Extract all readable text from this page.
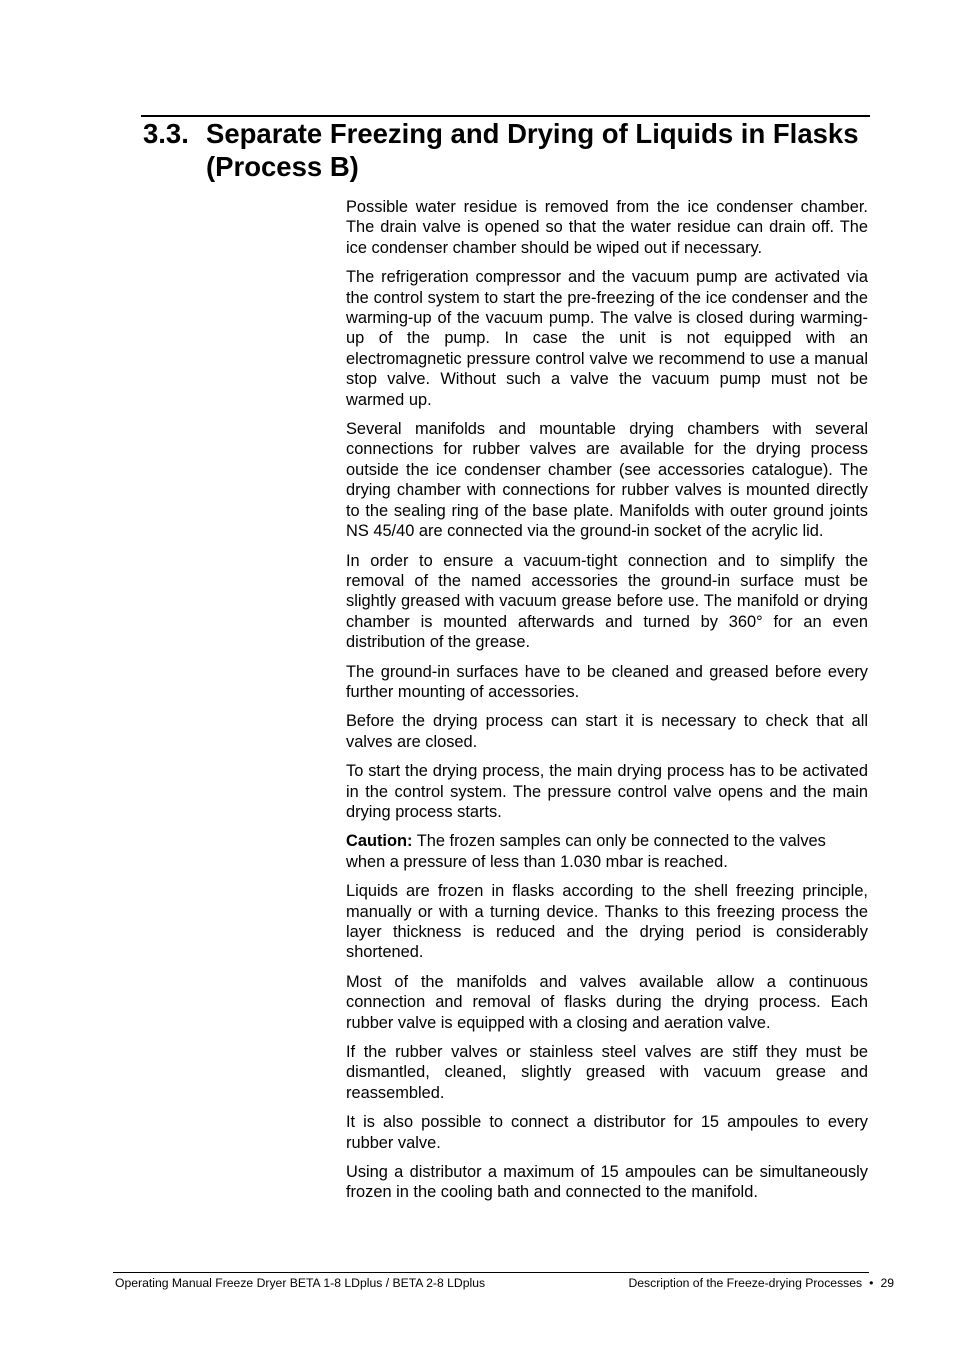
3.3. Separate Freezing and Drying of Liquids in Flasks (Process B)

Possible water residue is removed from the ice condenser chamber. The drain valve is opened so that the water residue can drain off. The ice condenser chamber should be wiped out if necessary.

The refrigeration compressor and the vacuum pump are activated via the control system to start the pre-freezing of the ice condenser and the warming-up of the vacuum pump. The valve is closed during warming-up of the pump. In case the unit is not equipped with an electromagnetic pressure control valve we recommend to use a manual stop valve. Without such a valve the vacuum pump must not be warmed up.

Several manifolds and mountable drying chambers with several connections for rubber valves are available for the drying process outside the ice condenser chamber (see accessories catalogue). The drying chamber with connections for rubber valves is mounted directly to the sealing ring of the base plate. Manifolds with outer ground joints NS 45/40 are connected via the ground-in socket of the acrylic lid.

In order to ensure a vacuum-tight connection and to simplify the removal of the named accessories the ground-in surface must be slightly greased with vacuum grease before use. The manifold or drying chamber is mounted afterwards and turned by 360° for an even distribution of the grease.

The ground-in surfaces have to be cleaned and greased before every further mounting of accessories.

Before the drying process can start it is necessary to check that all valves are closed.

To start the drying process, the main drying process has to be activated in the control system. The pressure control valve opens and the main drying process starts.

Caution: The frozen samples can only be connected to the valves when a pressure of less than 1.030 mbar is reached.

Liquids are frozen in flasks according to the shell freezing principle, manually or with a turning device. Thanks to this freezing process the layer thickness is reduced and the drying period is considerably shortened.

Most of the manifolds and valves available allow a continuous connection and removal of flasks during the drying process. Each rubber valve is equipped with a closing and aeration valve.

If the rubber valves or stainless steel valves are stiff they must be dismantled, cleaned, slightly greased with vacuum grease and reassembled.

It is also possible to connect a distributor for 15 ampoules to every rubber valve.

Using a distributor a maximum of 15 ampoules can be simultaneously frozen in the cooling bath and connected to the manifold.

Operating Manual Freeze Dryer BETA 1-8 LDplus / BETA 2-8 LDplus	Description of the Freeze-drying Processes • 29
